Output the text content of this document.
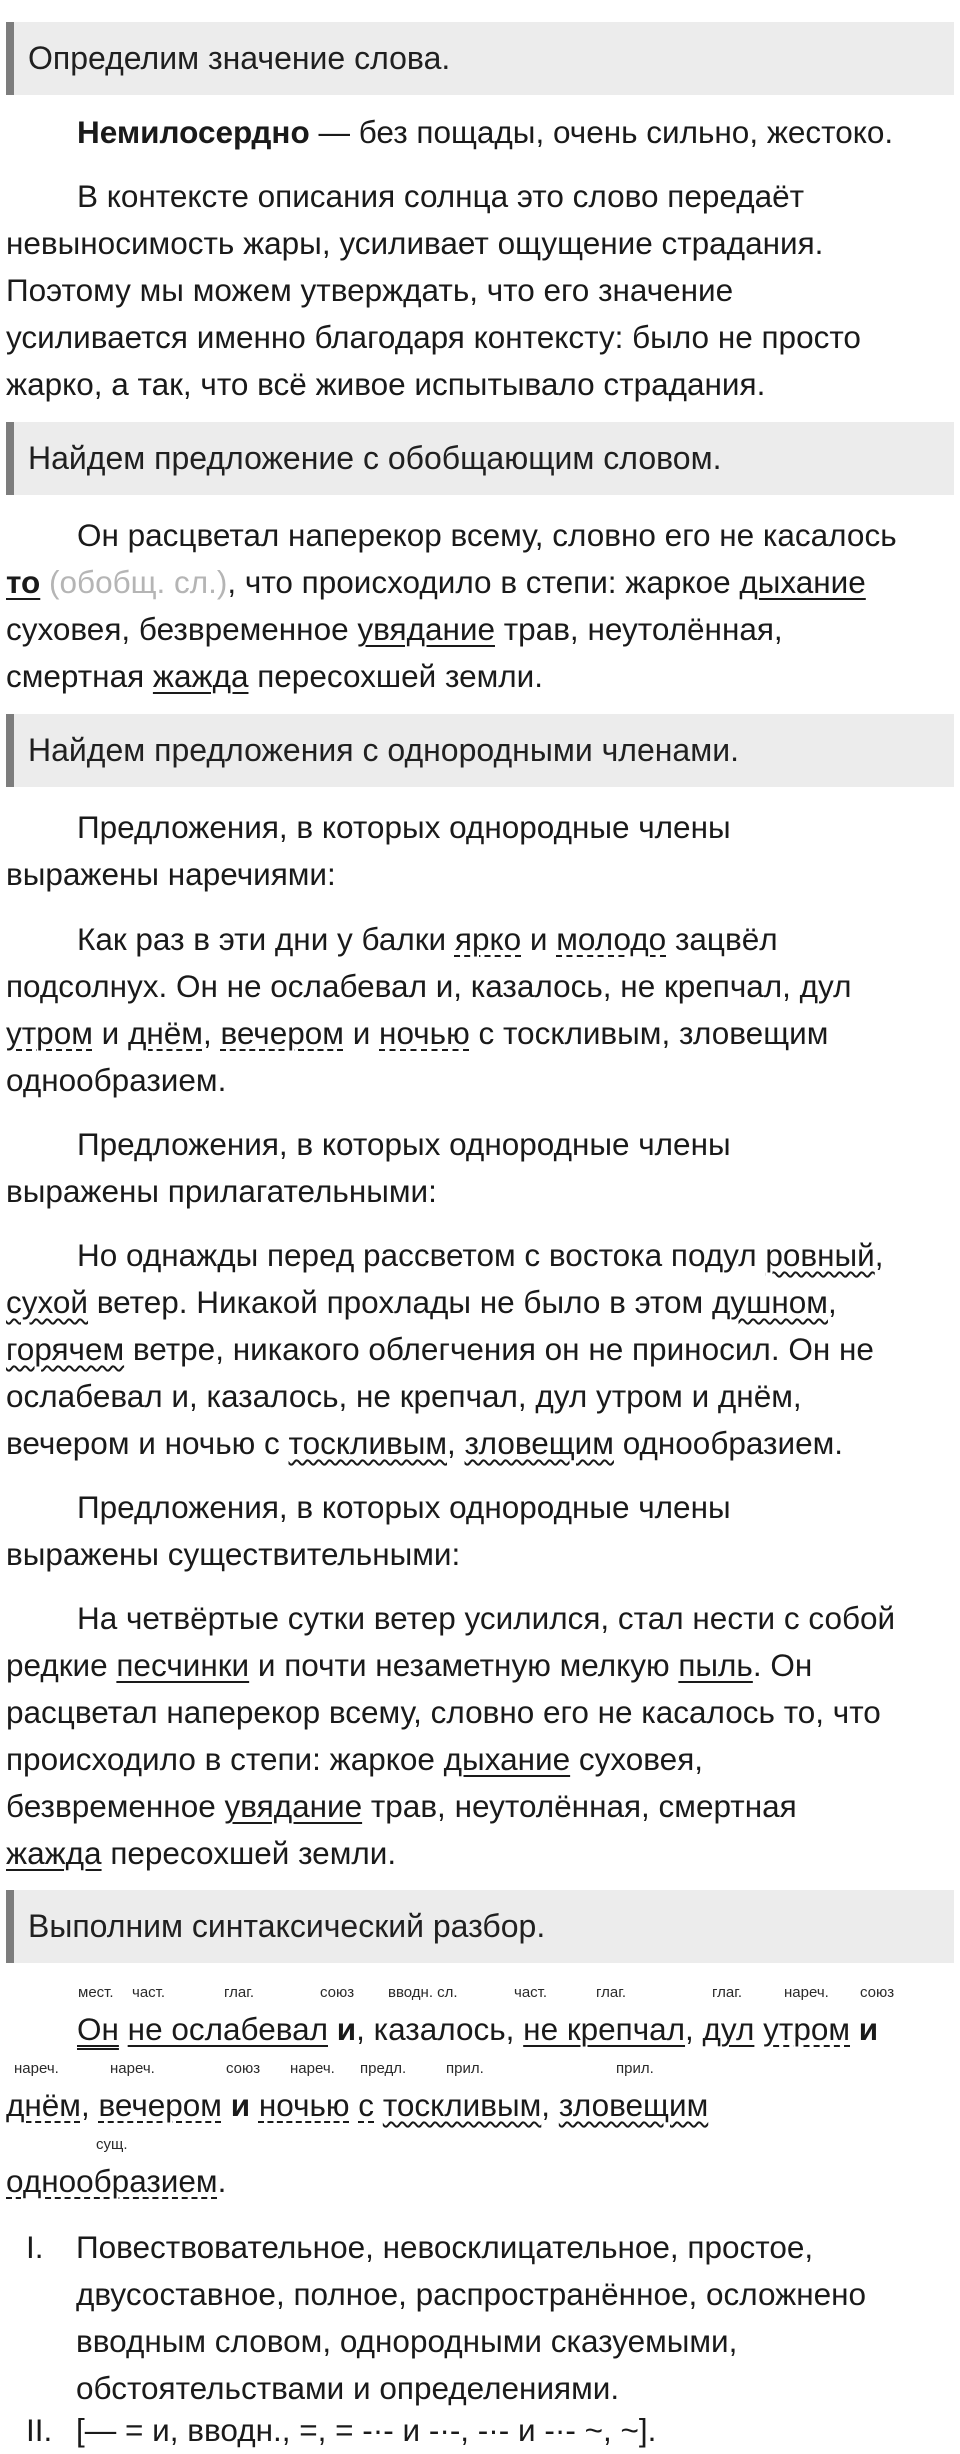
Определим значение слова.
Немилосердно — без пощады, очень сильно, жестоко.
В контексте описания солнца это слово передаёт
невыносимость жары, усиливает ощущение страдания.
Поэтому мы можем утверждать, что его значение
усиливается именно благодаря контексту: было не просто
жарко, а так, что всё живое испытывало страдания.
Найдем предложение с обобщающим словом.
Он расцветал наперекор всему, словно его не касалось
то (обобщ. сл.), что происходило в степи: жаркое дыхание
суховея, безвременное увядание трав, неутолённая,
смертная жажда пересохшей земли.
Найдем предложения с однородными членами.
Предложения, в которых однородные члены
выражены наречиями:
Как раз в эти дни у балки ярко и молодо зацвёл
подсолнух. Он не ослабевал и, казалось, не крепчал, дул
утром и днём, вечером и ночью с тоскливым, зловещим
однообразием.
Предложения, в которых однородные члены
выражены прилагательными:
Но однажды перед рассветом с востока подул ровный,
сухой ветер. Никакой прохлады не было в этом душном,
горячем ветре, никакого облегчения он не приносил. Он не
ослабевал и, казалось, не крепчал, дул утром и днём,
вечером и ночью с тоскливым, зловещим однообразием.
Предложения, в которых однородные члены
выражены существительными:
На четвёртые сутки ветер усилился, стал нести с собой
редкие песчинки и почти незаметную мелкую пыль. Он
расцветал наперекор всему, словно его не касалось то, что
происходило в степи: жаркое дыхание суховея,
безвременное увядание трав, неутолённая, смертная
жажда пересохшей земли.
Выполним синтаксический разбор.
мест. част.	глаг.	союз вводн. сл.	част.	глаг.	глаг.	нареч. союз
Он не ослабевал и, казалось, не крепчал, дул утром и
нареч.	нареч.	союз нареч. предл.	прил.	прил.
днём, вечером и ночью с тоскливым, зловещим
сущ.
однообразием.
I.	Повествовательное, невосклицательное, простое,
двусоставное, полное, распространённое, осложнено
вводным словом, однородными сказуемыми,
обстоятельствами и определениями.
II. [— = и, вводн., =, = -·- и -·-, -·- и -·- ~, ~].
